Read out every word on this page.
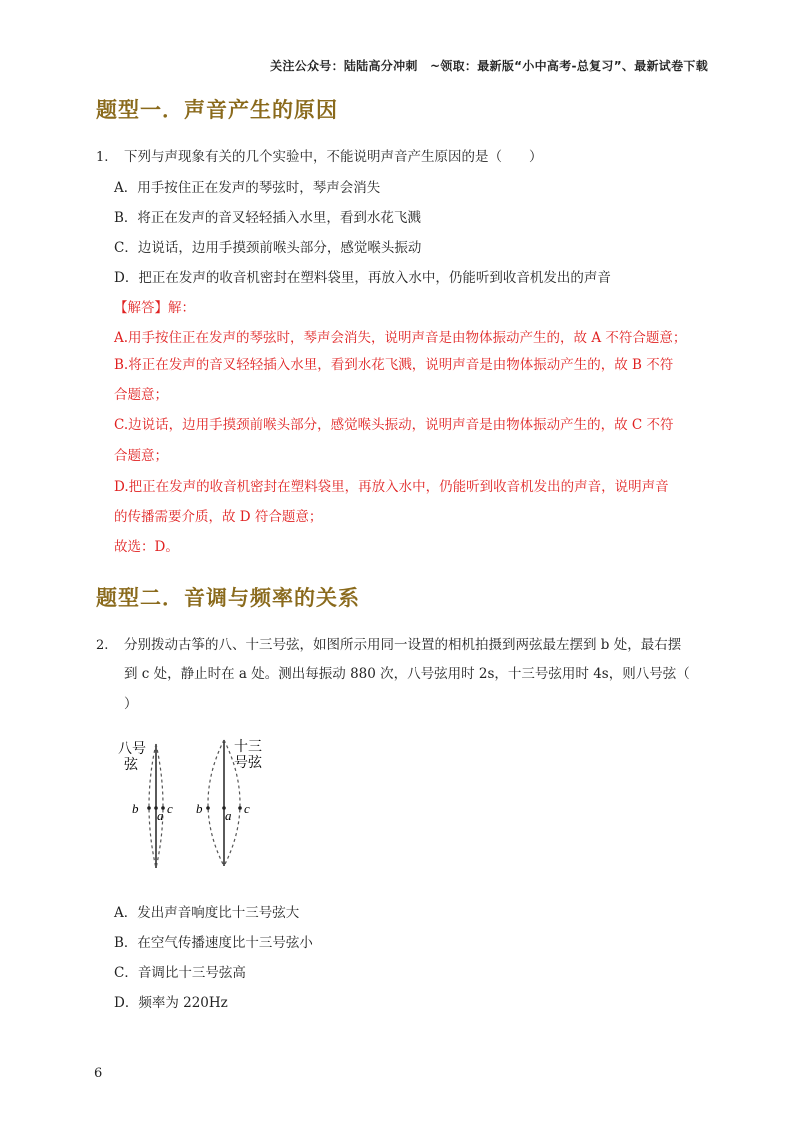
关注公众号：陆陆高分冲刺　~领取：最新版“小中高考-总复习”、最新试卷下载
题型一．声音产生的原因
1. 下列与声现象有关的几个实验中，不能说明声音产生原因的是（　　）
A．用手按住正在发声的琴弦时，琴声会消失
B．将正在发声的音叉轻轻插入水里，看到水花飞溅
C．边说话，边用手摸颈前喉头部分，感觉喉头振动
D．把正在发声的收音机密封在塑料袋里，再放入水中，仍能听到收音机发出的声音
【解答】解：
A.用手按住正在发声的琴弦时，琴声会消失，说明声音是由物体振动产生的，故 A 不符合题意；
B.将正在发声的音叉轻轻插入水里，看到水花飞溅，说明声音是由物体振动产生的，故 B 不符
合题意；
C.边说话，边用手摸颈前喉头部分，感觉喉头振动，说明声音是由物体振动产生的，故 C 不符
合题意；
D.把正在发声的收音机密封在塑料袋里，再放入水中，仍能听到收音机发出的声音，说明声音
的传播需要介质，故 D 符合题意；
故选：D。
题型二．音调与频率的关系
2. 分别拨动古筝的八、十三号弦，如图所示用同一设置的相机拍摄到两弦最左摆到 b 处，最右摆
到 c 处，静止时在 a 处。测出每振动 880 次，八号弦用时 2s，十三号弦用时 4s，则八号弦（
）
八号
弦
b a c
十三
号弦
b a c
A．发出声音响度比十三号弦大
B．在空气传播速度比十三号弦小
C．音调比十三号弦高
D．频率为 220Hz
6
